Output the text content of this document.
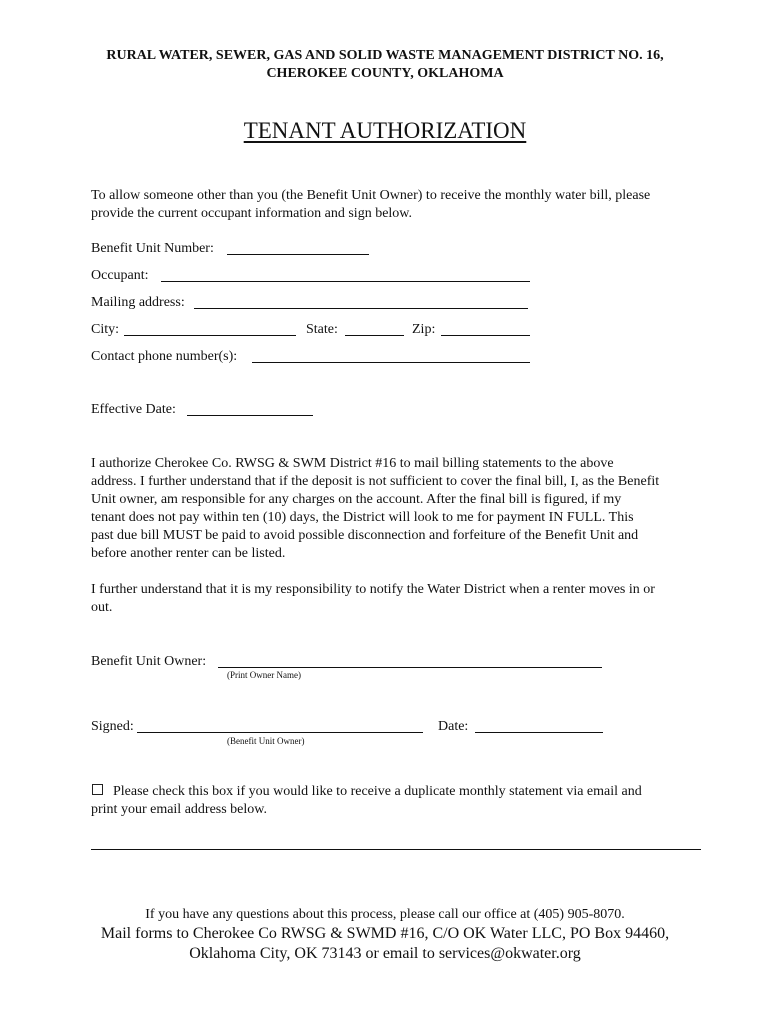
RURAL WATER, SEWER, GAS AND SOLID WASTE MANAGEMENT DISTRICT NO. 16,
CHEROKEE COUNTY, OKLAHOMA
TENANT AUTHORIZATION
To allow someone other than you (the Benefit Unit Owner) to receive the monthly water bill, please
provide the current occupant information and sign below.
Benefit Unit Number:
Occupant:
Mailing address:
City:	State:	Zip:
Contact phone number(s):
Effective Date:
I authorize Cherokee Co. RWSG & SWM District #16 to mail billing statements to the above
address. I further understand that if the deposit is not sufficient to cover the final bill, I, as the Benefit
Unit owner, am responsible for any charges on the account. After the final bill is figured, if my
tenant does not pay within ten (10) days, the District will look to me for payment IN FULL. This
past due bill MUST be paid to avoid possible disconnection and forfeiture of the Benefit Unit and
before another renter can be listed.
I further understand that it is my responsibility to notify the Water District when a renter moves in or
out.
Benefit Unit Owner:
(Print Owner Name)
Signed:
(Benefit Unit Owner)
Date:
Please check this box if you would like to receive a duplicate monthly statement via email and
print your email address below.
If you have any questions about this process, please call our office at (405) 905-8070.
Mail forms to Cherokee Co RWSG & SWMD #16, C/O OK Water LLC, PO Box 94460,
Oklahoma City, OK 73143 or email to services@okwater.org
